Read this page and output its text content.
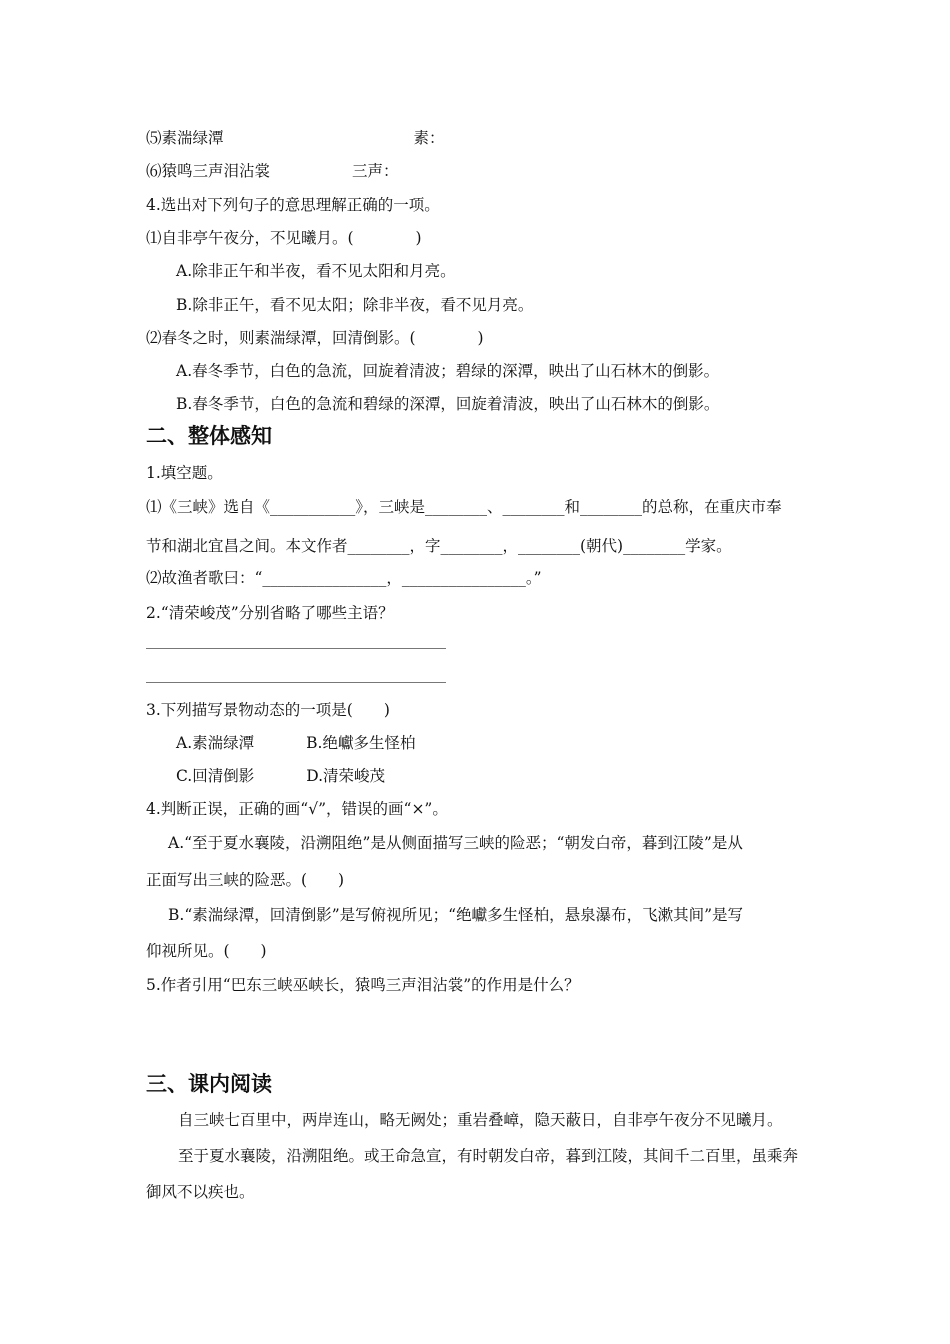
⑸素湍绿潭	素：
⑹猿鸣三声泪沾裳	三声：
4.选出对下列句子的意思理解正确的一项。
⑴自非亭午夜分，不见曦月。(　　　　)
A.除非正午和半夜，看不见太阳和月亮。
B.除非正午，看不见太阳；除非半夜，看不见月亮。
⑵春冬之时，则素湍绿潭，回清倒影。(　　　　)
A.春冬季节，白色的急流，回旋着清波；碧绿的深潭，映出了山石林木的倒影。
B.春冬季节，白色的急流和碧绿的深潭，回旋着清波，映出了山石林木的倒影。
二、整体感知
1.填空题。
⑴《三峡》选自《___________》，三峡是________、________和________的总称，在重庆市奉
节和湖北宜昌之间。本文作者________，字________，________(朝代)________学家。
⑵故渔者歌曰：“________________，________________。”
2.“清荣峻茂”分别省略了哪些主语？
3.下列描写景物动态的一项是(　　)
A.素湍绿潭	B.绝巘多生怪柏
C.回清倒影	D.清荣峻茂
4.判断正误，正确的画“√”，错误的画“×”。
A.“至于夏水襄陵，沿溯阻绝”是从侧面描写三峡的险恶；“朝发白帝，暮到江陵”是从
正面写出三峡的险恶。(　　)
B.“素湍绿潭，回清倒影”是写俯视所见；“绝巘多生怪柏，悬泉瀑布，飞漱其间”是写
仰视所见。(　　)
5.作者引用“巴东三峡巫峡长，猿鸣三声泪沾裳”的作用是什么？
三、课内阅读
自三峡七百里中，两岸连山，略无阙处；重岩叠嶂，隐天蔽日，自非亭午夜分不见曦月。
至于夏水襄陵，沿溯阻绝。或王命急宣，有时朝发白帝，暮到江陵，其间千二百里，虽乘奔
御风不以疾也。
